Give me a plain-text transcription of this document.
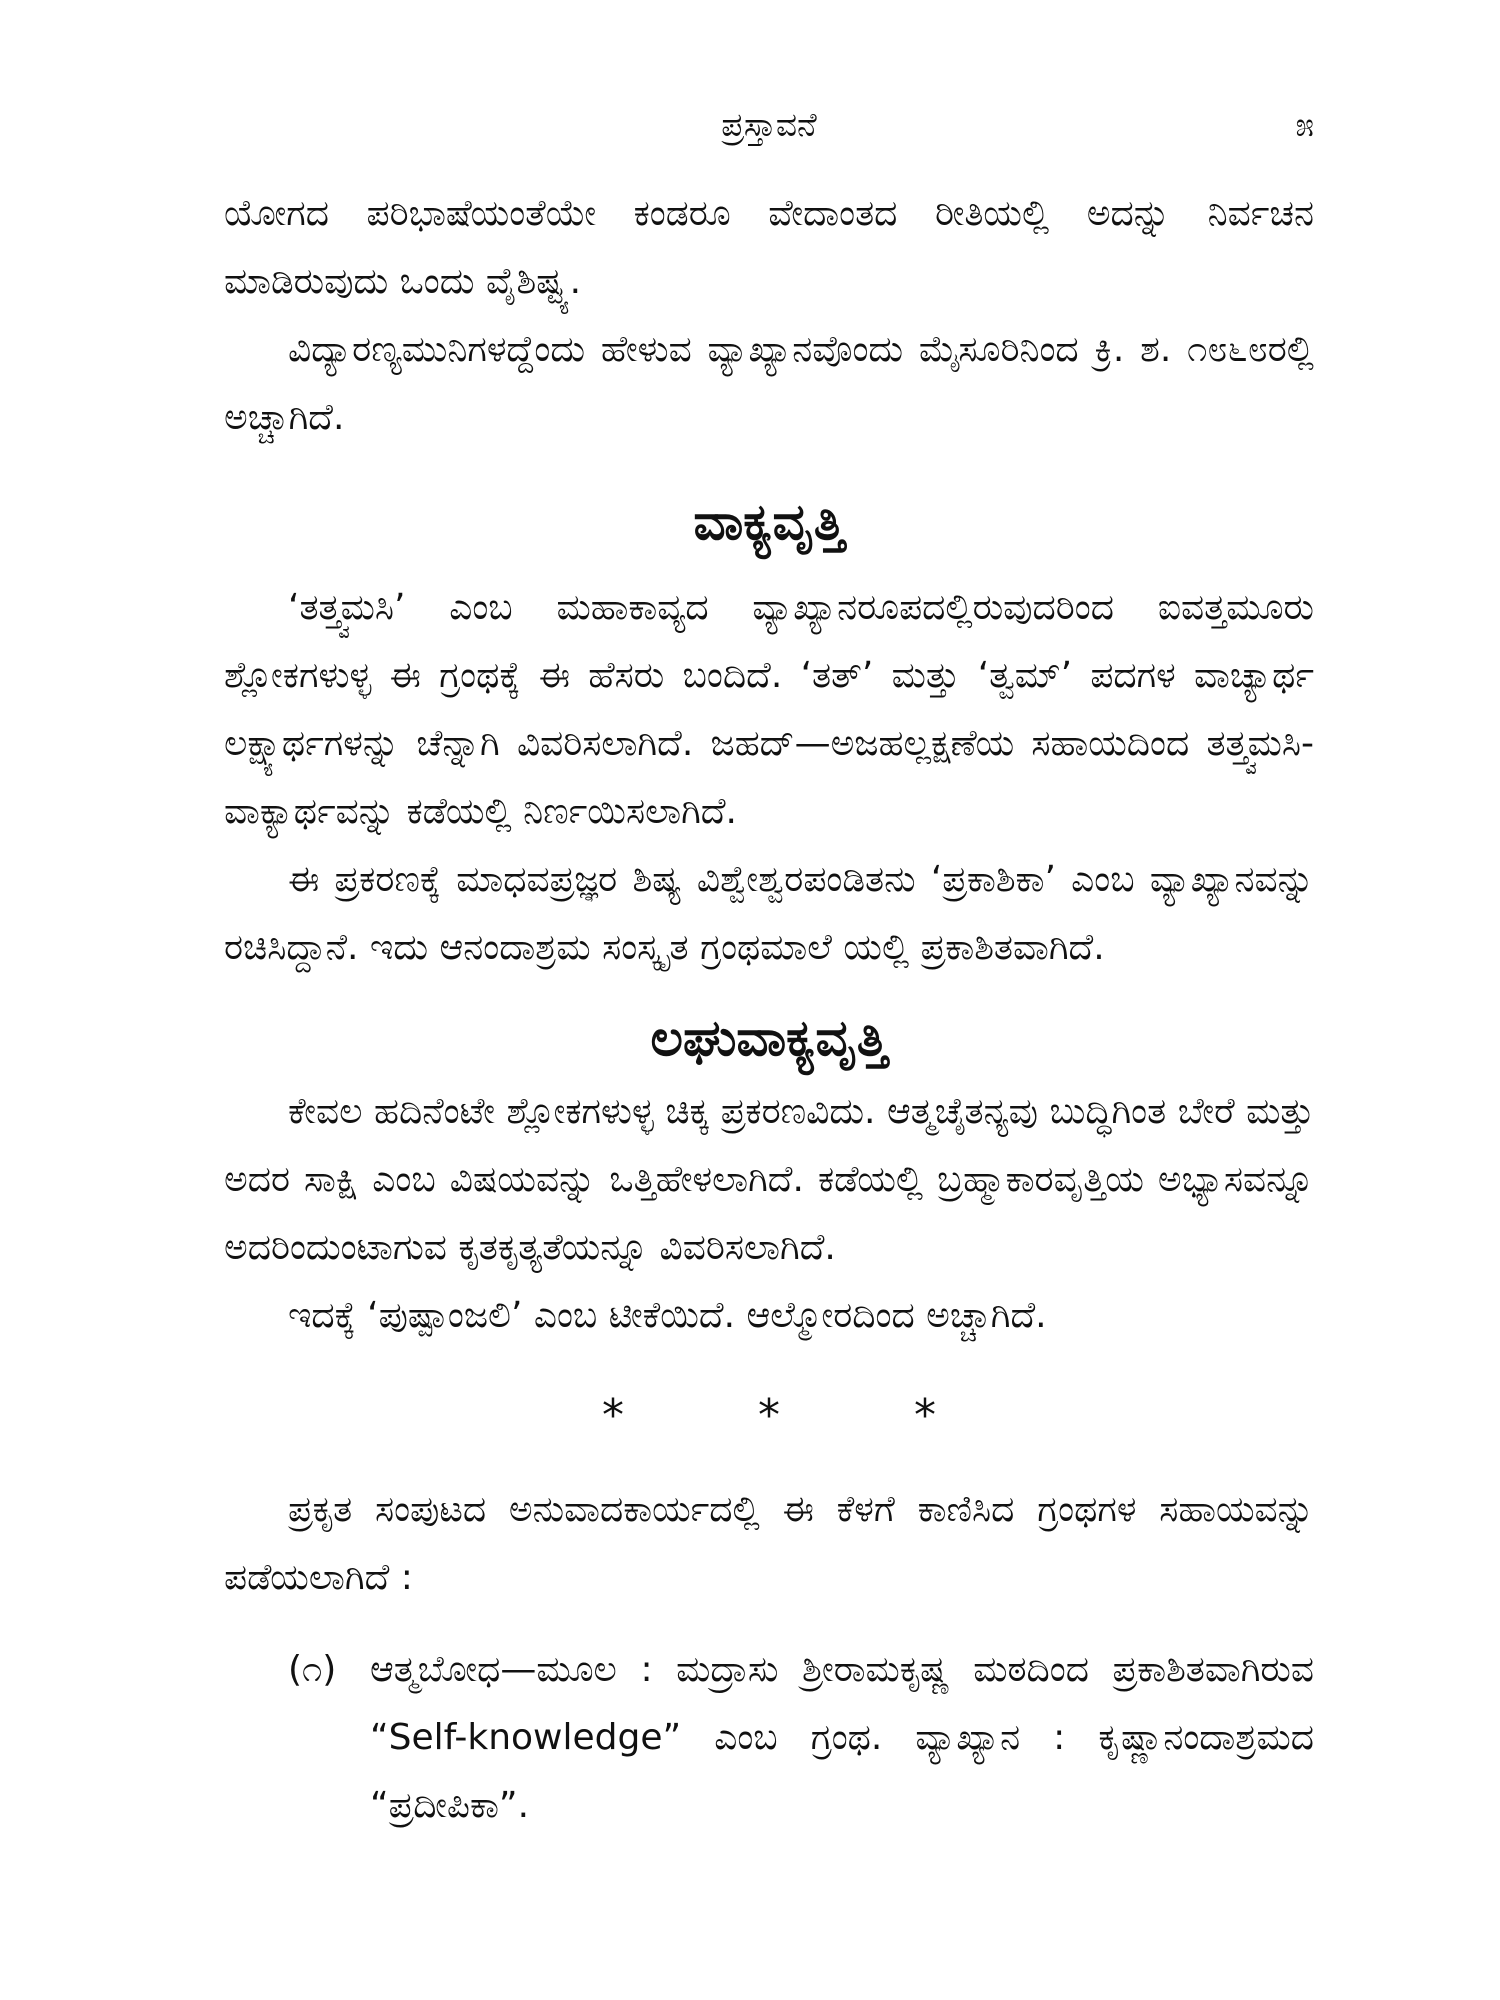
ಪ್ರಸ್ತಾವನೆ	೫

ಯೋಗದ ಪರಿಭಾಷೆಯಂತೆಯೇ ಕಂಡರೂ ವೇದಾಂತದ ರೀತಿಯಲ್ಲಿ ಅದನ್ನು ನಿರ್ವಚನ ಮಾಡಿರುವುದು ಒಂದು ವೈಶಿಷ್ಟ್ಯ.

ವಿದ್ಯಾರಣ್ಯಮುನಿಗಳದ್ದೆಂದು ಹೇಳುವ ವ್ಯಾಖ್ಯಾನವೊಂದು ಮೈಸೂರಿನಿಂದ ಕ್ರಿ. ಶ. ೧೮೬೮ರಲ್ಲಿ ಅಚ್ಚಾಗಿದೆ.

ವಾಕ್ಯವೃತ್ತಿ

‘ತತ್ತ್ವಮಸಿ’ ಎಂಬ ಮಹಾಕಾವ್ಯದ ವ್ಯಾಖ್ಯಾನರೂಪದಲ್ಲಿರುವುದರಿಂದ ಐವತ್ತಮೂರು ಶ್ಲೋಕಗಳುಳ್ಳ ಈ ಗ್ರಂಥಕ್ಕೆ ಈ ಹೆಸರು ಬಂದಿದೆ. ‘ತತ್’ ಮತ್ತು ‘ತ್ವಮ್’ ಪದಗಳ ವಾಚ್ಯಾರ್ಥ ಲಕ್ಷ್ಯಾರ್ಥಗಳನ್ನು ಚೆನ್ನಾಗಿ ವಿವರಿಸಲಾಗಿದೆ. ಜಹದ್—ಅಜಹಲ್ಲಕ್ಷಣೆಯ ಸಹಾಯದಿಂದ ತತ್ತ್ವಮಸಿ-ವಾಕ್ಯಾರ್ಥವನ್ನು ಕಡೆಯಲ್ಲಿ ನಿರ್ಣಯಿಸಲಾಗಿದೆ.

ಈ ಪ್ರಕರಣಕ್ಕೆ ಮಾಧವಪ್ರಜ್ಞರ ಶಿಷ್ಯ ವಿಶ್ವೇಶ್ವರಪಂಡಿತನು ‘ಪ್ರಕಾಶಿಕಾ’ ಎಂಬ ವ್ಯಾಖ್ಯಾನವನ್ನು ರಚಿಸಿದ್ದಾನೆ. ಇದು ಆನಂದಾಶ್ರಮ ಸಂಸ್ಕೃತ ಗ್ರಂಥಮಾಲೆ ಯಲ್ಲಿ ಪ್ರಕಾಶಿತವಾಗಿದೆ.

ಲಘುವಾಕ್ಯವೃತ್ತಿ

ಕೇವಲ ಹದಿನೆಂಟೇ ಶ್ಲೋಕಗಳುಳ್ಳ ಚಿಕ್ಕ ಪ್ರಕರಣವಿದು. ಆತ್ಮಚೈತನ್ಯವು ಬುದ್ಧಿಗಿಂತ ಬೇರೆ ಮತ್ತು ಅದರ ಸಾಕ್ಷಿ ಎಂಬ ವಿಷಯವನ್ನು ಒತ್ತಿಹೇಳಲಾಗಿದೆ. ಕಡೆಯಲ್ಲಿ ಬ್ರಹ್ಮಾಕಾರವೃತ್ತಿಯ ಅಭ್ಯಾಸವನ್ನೂ ಅದರಿಂದುಂಟಾಗುವ ಕೃತಕೃತ್ಯತೆಯನ್ನೂ ವಿವರಿಸಲಾಗಿದೆ.

ಇದಕ್ಕೆ ‘ಪುಷ್ಪಾಂಜಲಿ’ ಎಂಬ ಟೀಕೆಯಿದೆ. ಆಲ್ಮೋರದಿಂದ ಅಚ್ಚಾಗಿದೆ.

* * *

ಪ್ರಕೃತ ಸಂಪುಟದ ಅನುವಾದಕಾರ್ಯದಲ್ಲಿ ಈ ಕೆಳಗೆ ಕಾಣಿಸಿದ ಗ್ರಂಥಗಳ ಸಹಾಯವನ್ನು ಪಡೆಯಲಾಗಿದೆ :

(೧) ಆತ್ಮಬೋಧ—ಮೂಲ : ಮದ್ರಾಸು ಶ್ರೀರಾಮಕೃಷ್ಣ ಮಠದಿಂದ ಪ್ರಕಾಶಿತವಾಗಿರುವ “Self-knowledge” ಎಂಬ ಗ್ರಂಥ. ವ್ಯಾಖ್ಯಾನ : ಕೃಷ್ಣಾನಂದಾಶ್ರಮದ “ಪ್ರದೀಪಿಕಾ”.
